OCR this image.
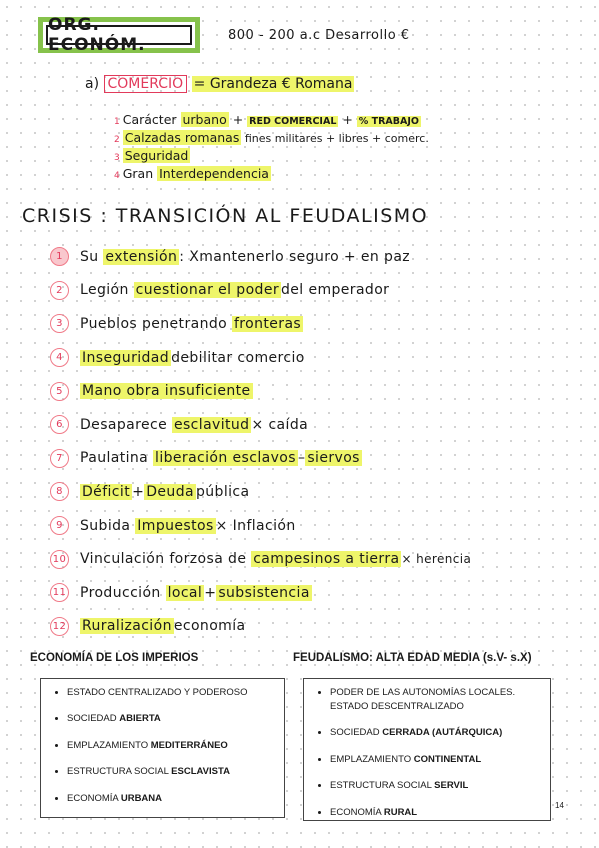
ORG. ECONÓM.	800 - 200 a.c Desarrollo €
a) COMERCIO = Grandeza € Romana
1 Carácter urbano + RED COMERCIAL + % TRABAJO
2 Calzadas romanas fines militares + libres + comerc.
3 Seguridad
4 Gran Interdependencia
CRISIS : TRANSICIÓN AL FEUDALISMO
1	Su
extensión : Xmantenerlo seguro + en paz
2	Legión
cuestionar el poder del emperador
3	Pueblos penetrando
fronteras
4	Inseguridad debilitar comercio
5	Mano obra insuficiente
6	Desaparece
esclavitud × caída
7	Paulatina
liberación esclavos – siervos
8	Déficit + Deuda pública
9	Subida
Impuestos × Inflación
10 Vinculación forzosa de
campesinos a tierra × herencia
11 Producción
local + subsistencia
12 Ruralización economía
ECONOMÍA DE LOS IMPERIOS	FEUDALISMO: ALTA EDAD MEDIA (s.V- s.X)
• ESTADO CENTRALIZADO Y PODEROSO
• SOCIEDAD ABIERTA
• EMPLAZAMIENTO MEDITERRÁNEO
• ESTRUCTURA SOCIAL ESCLAVISTA
• ECONOMÍA URBANA
• PODER DE LAS AUTONOMÍAS LOCALES. ESTADO DESCENTRALIZADO
• SOCIEDAD CERRADA (AUTÁRQUICA)
• EMPLAZAMIENTO CONTINENTAL
• ESTRUCTURA SOCIAL SERVIL
• ECONOMÍA RURAL
14
